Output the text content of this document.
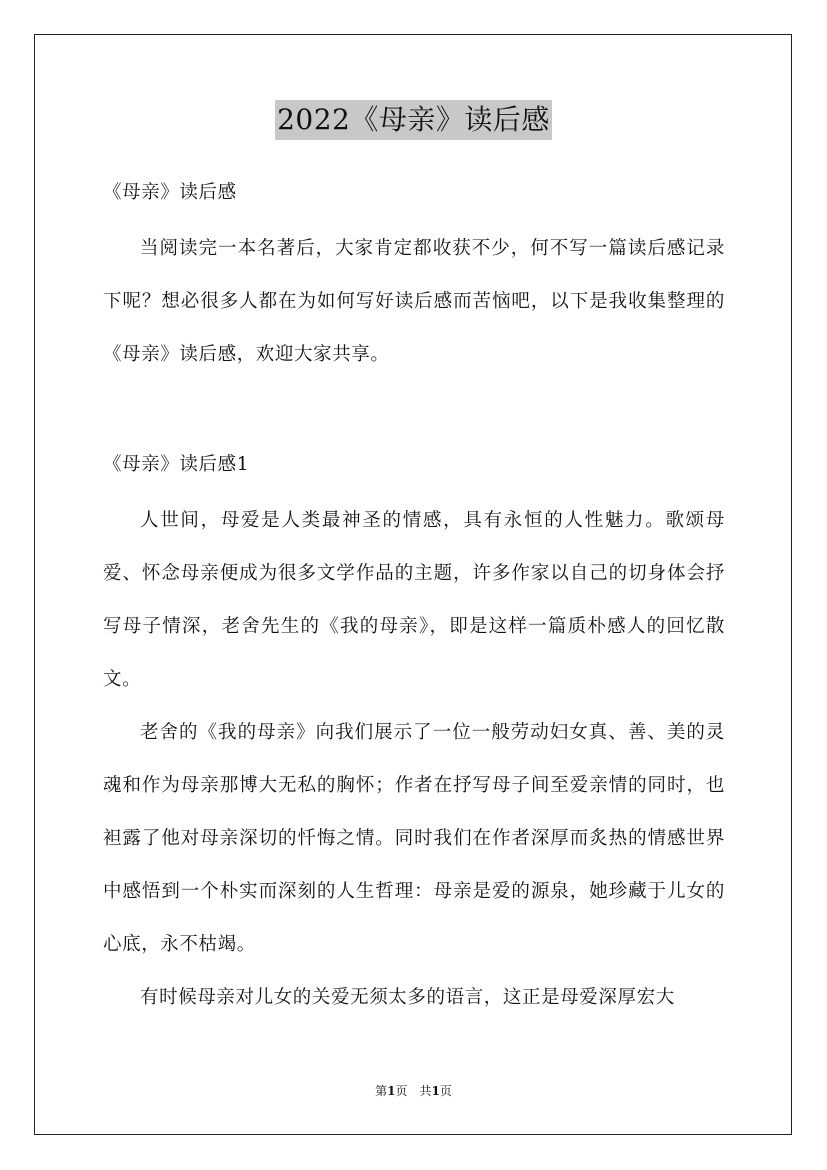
2022《母亲》读后感
《母亲》读后感

当阅读完一本名著后，大家肯定都收获不少，何不写一篇读后感记录下呢？想必很多人都在为如何写好读后感而苦恼吧，以下是我收集整理的《母亲》读后感，欢迎大家共享。

《母亲》读后感1

人世间，母爱是人类最神圣的情感，具有永恒的人性魅力。歌颂母爱、怀念母亲便成为很多文学作品的主题，许多作家以自己的切身体会抒写母子情深，老舍先生的《我的母亲》，即是这样一篇质朴感人的回忆散文。

老舍的《我的母亲》向我们展示了一位一般劳动妇女真、善、美的灵魂和作为母亲那博大无私的胸怀；作者在抒写母子间至爱亲情的同时，也袒露了他对母亲深切的忏悔之情。同时我们在作者深厚而炙热的情感世界中感悟到一个朴实而深刻的人生哲理：母亲是爱的源泉，她珍藏于儿女的心底，永不枯竭。

有时候母亲对儿女的关爱无须太多的语言，这正是母爱深厚宏大

第1页　共1页
